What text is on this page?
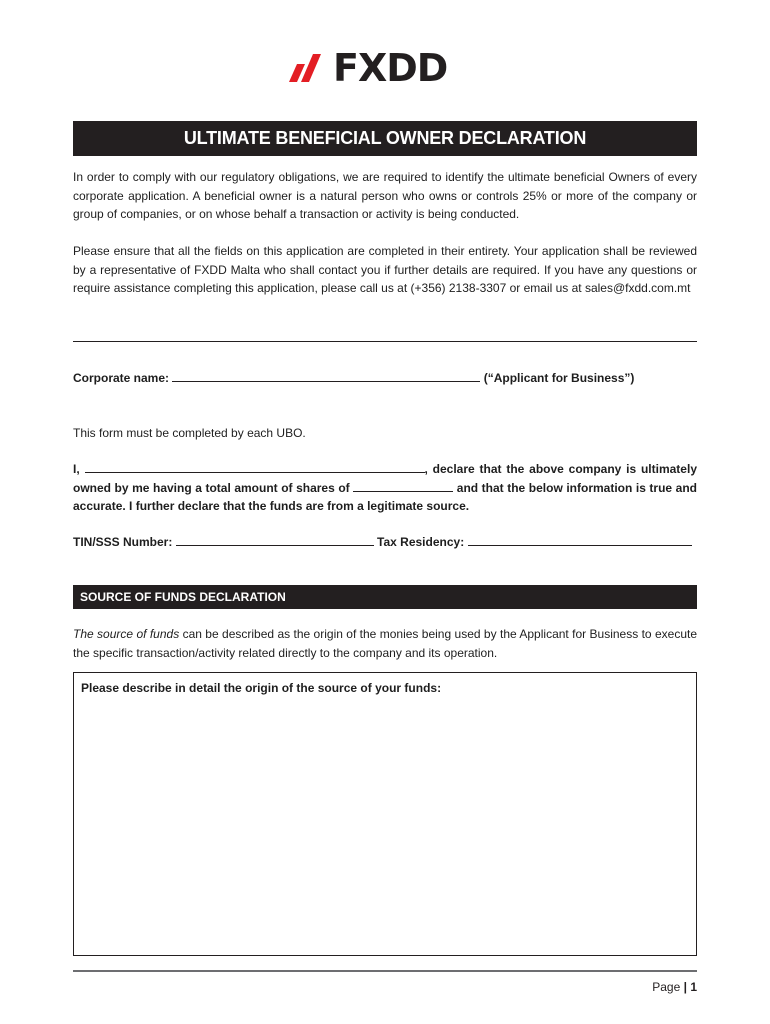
FXDD
ULTIMATE BENEFICIAL OWNER DECLARATION

In order to comply with our regulatory obligations, we are required to identify the ultimate beneficial Owners of every corporate application. A beneficial owner is a natural person who owns or controls 25% or more of the company or group of companies, or on whose behalf a transaction or activity is being conducted.

Please ensure that all the fields on this application are completed in their entirety. Your application shall be reviewed by a representative of FXDD Malta who shall contact you if further details are required. If you have any questions or require assistance completing this application, please call us at (+356) 2138-3307 or email us at sales@fxdd.com.mt

Corporate name:	(“Applicant for Business”)
This form must be completed by each UBO.
I,	, declare that the above company is ultimately owned by me having a total amount of shares of	and that the below information is true and accurate. I further declare that the funds are from a legitimate source.
TIN/SSS Number:	Tax Residency:
SOURCE OF FUNDS DECLARATION

The source of funds can be described as the origin of the monies being used by the Applicant for Business to execute the specific transaction/activity related directly to the company and its operation.

Please describe in detail the origin of the source of your funds:
Page | 1
